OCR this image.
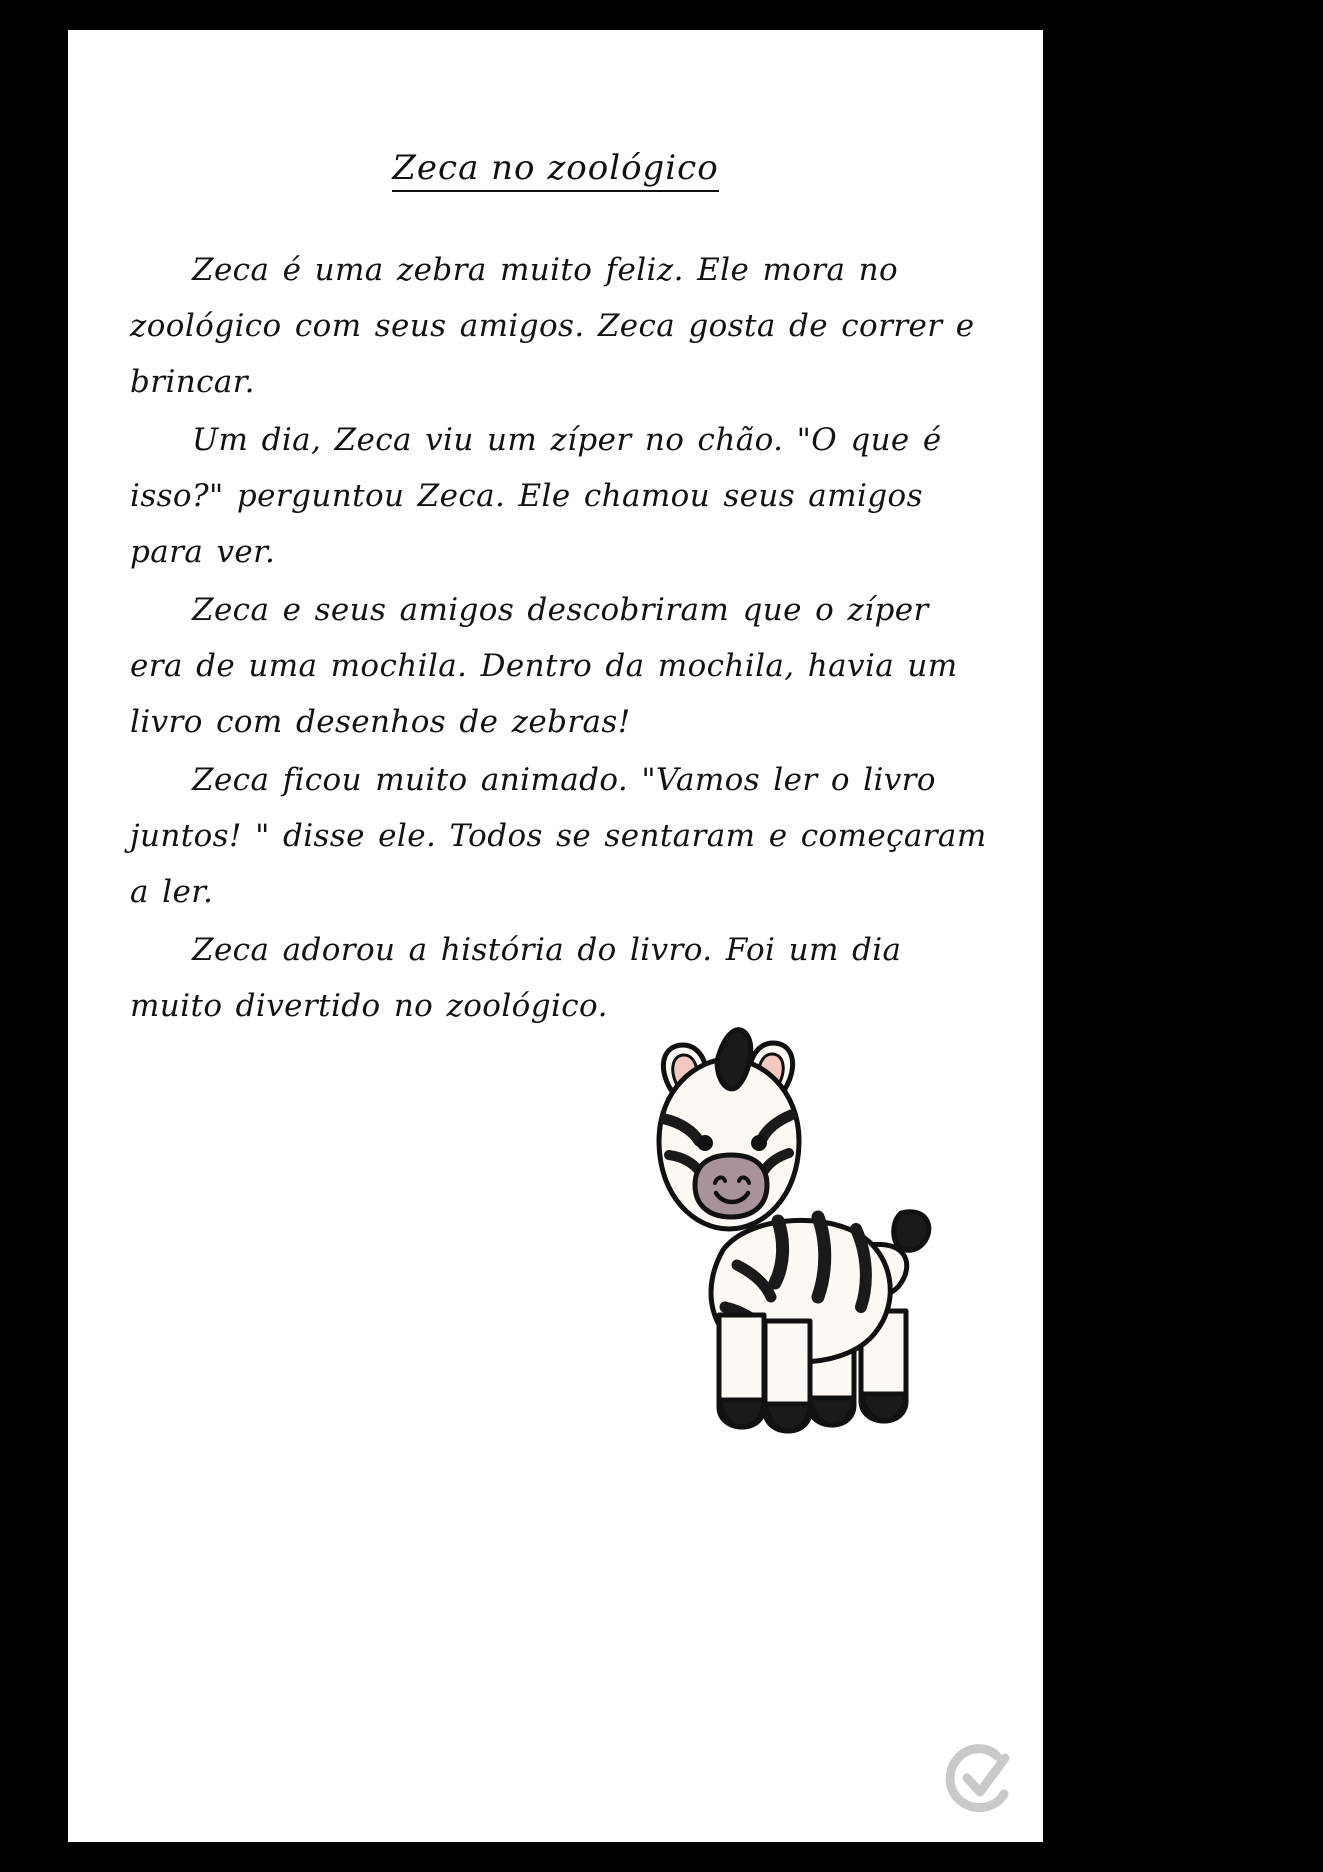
Zeca no zoológico

Zeca é uma zebra muito feliz. Ele mora no zoológico com seus amigos. Zeca gosta de correr e brincar.

Um dia, Zeca viu um zíper no chão. "O que é isso?" perguntou Zeca. Ele chamou seus amigos para ver.

Zeca e seus amigos descobriram que o zíper era de uma mochila. Dentro da mochila, havia um livro com desenhos de zebras!

Zeca ficou muito animado. "Vamos ler o livro juntos! " disse ele. Todos se sentaram e começaram a ler.

Zeca adorou a história do livro. Foi um dia muito divertido no zoológico.
